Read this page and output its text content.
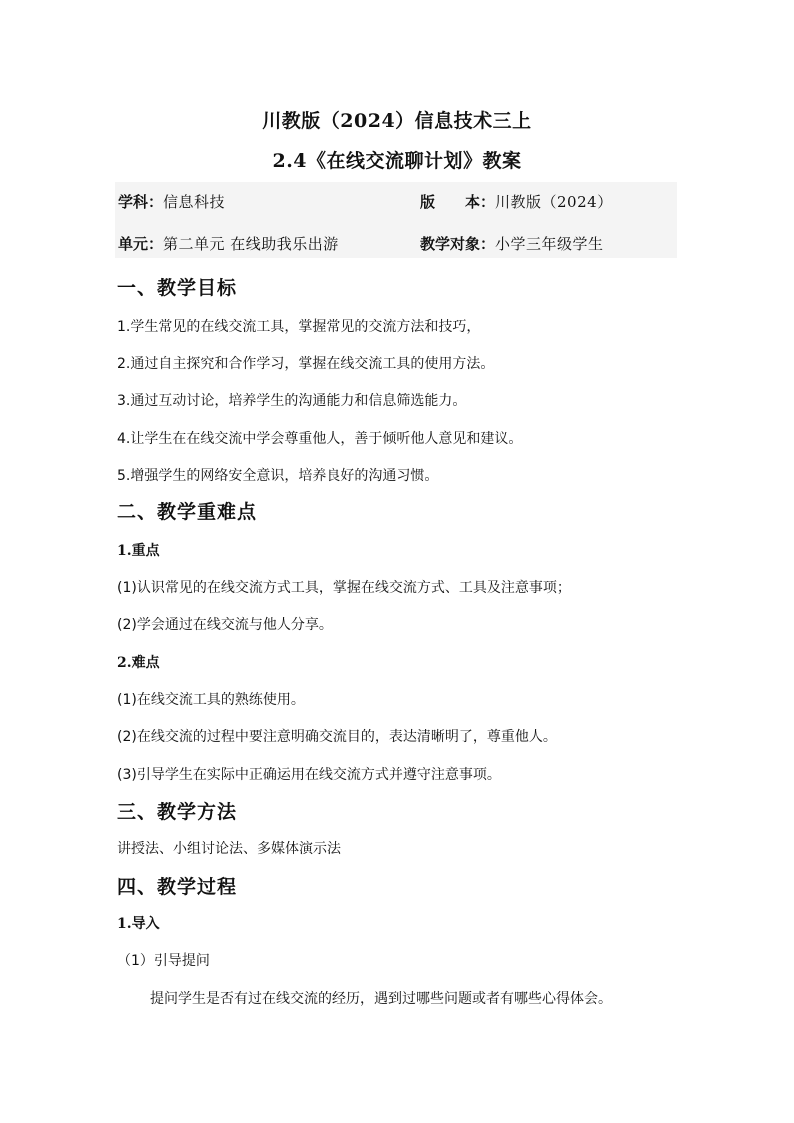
川教版（2024）信息技术三上
2.4《在线交流聊计划》教案
学科：信息科技	版　　本：川教版（2024）
单元：第二单元 在线助我乐出游	教学对象：小学三年级学生
一、教学目标
1.学生常见的在线交流工具，掌握常见的交流方法和技巧，
2.通过自主探究和合作学习，掌握在线交流工具的使用方法。
3.通过互动讨论，培养学生的沟通能力和信息筛选能力。
4.让学生在在线交流中学会尊重他人，善于倾听他人意见和建议。
5.增强学生的网络安全意识，培养良好的沟通习惯。
二、教学重难点
1.重点
(1)认识常见的在线交流方式工具，掌握在线交流方式、工具及注意事项；
(2)学会通过在线交流与他人分享。
2.难点
(1)在线交流工具的熟练使用。
(2)在线交流的过程中要注意明确交流目的，表达清晰明了，尊重他人。
(3)引导学生在实际中正确运用在线交流方式并遵守注意事项。
三、教学方法
讲授法、小组讨论法、多媒体演示法
四、教学过程
1.导入
（1）引导提问
提问学生是否有过在线交流的经历，遇到过哪些问题或者有哪些心得体会。
